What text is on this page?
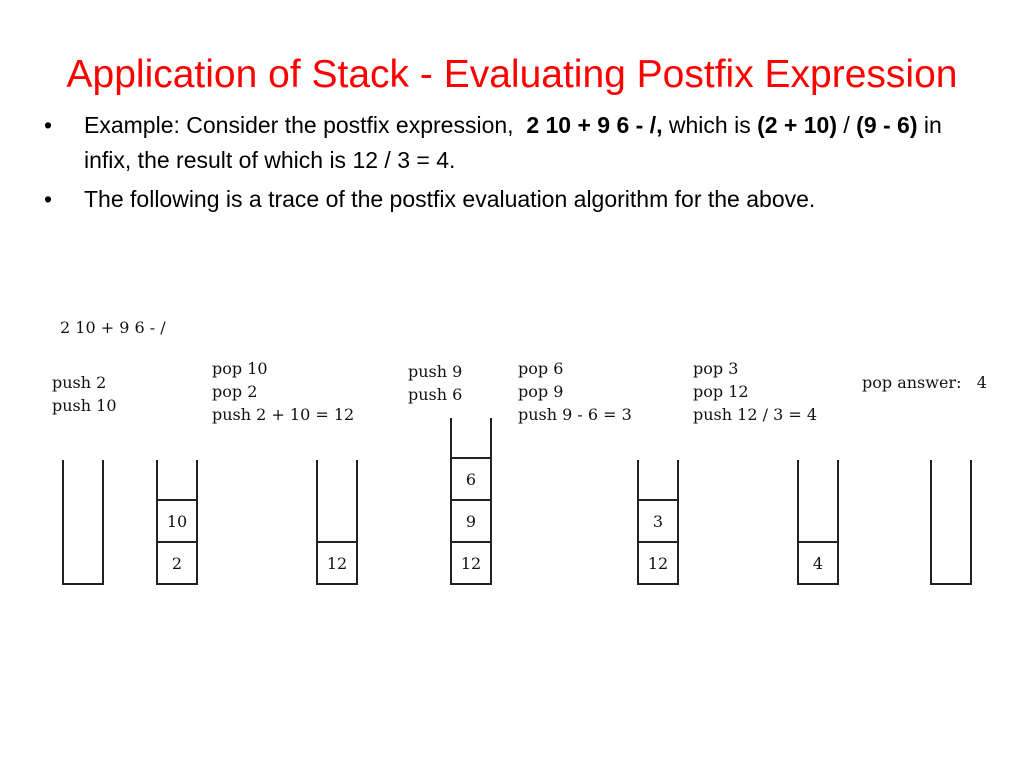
Application of Stack - Evaluating Postfix Expression
• Example: Consider the postfix expression, 2 10 + 9 6 - /, which is (2 + 10) / (9 - 6) in infix, the result of which is 12 / 3 = 4.
• The following is a trace of the postfix evaluation algorithm for the above.
2 10 + 9 6 - /
push 2
push 10
2
10
pop 10
pop 2
push 2 + 10 = 12
12
push 9
push 6
12
9
6
pop 6
pop 9
push 9 - 6 = 3
12
3
pop 3
pop 12
push 12 / 3 = 4
4
pop answer:   4
